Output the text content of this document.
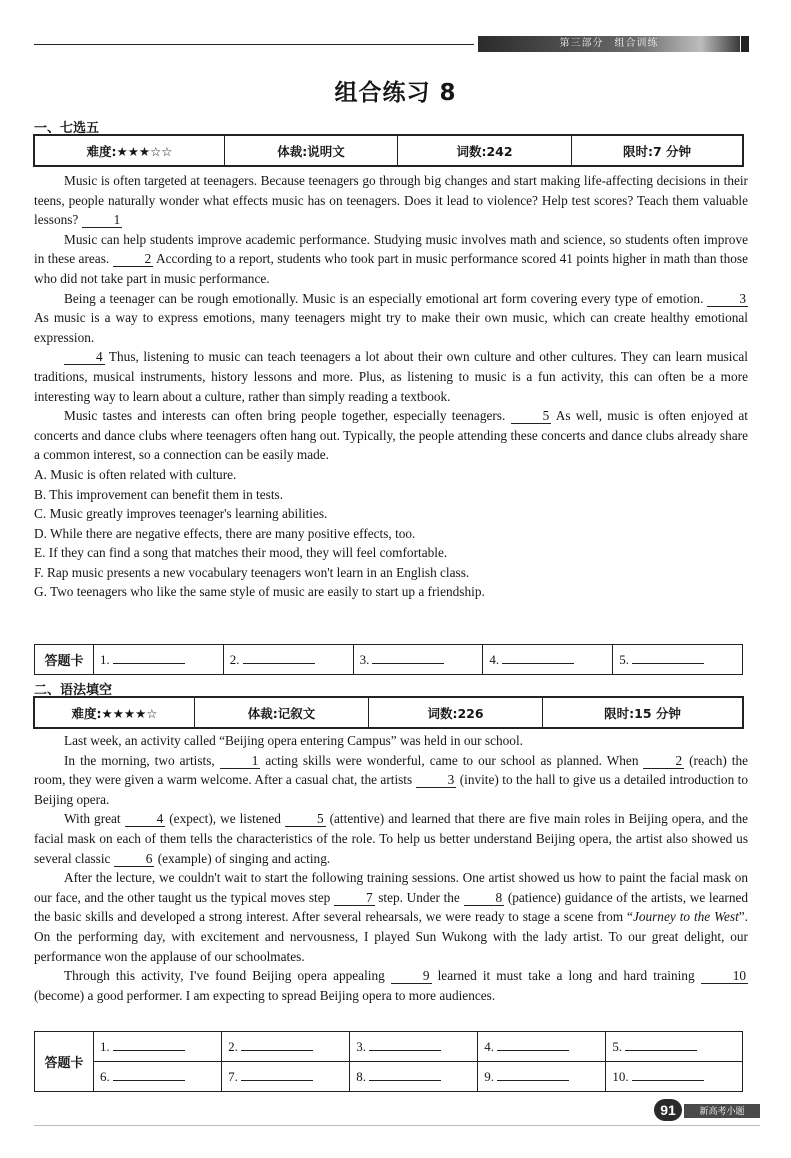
第三部分　组合训练
组合练习 8
一、七选五
难度:★★★☆☆	体裁:说明文	词数:242	限时:7 分钟

Music is often targeted at teenagers. Because teenagers go through big changes and start making life-affecting decisions in their teens, people naturally wonder what effects music has on teenagers. Does it lead to violence? Help test scores? Teach them valuable lessons? 1

Music can help students improve academic performance. Studying music involves math and science, so students often improve in these areas. 2 According to a report, students who took part in music performance scored 41 points higher in math than those who did not take part in music performance.

Being a teenager can be rough emotionally. Music is an especially emotional art form covering every type of emotion. 3 As music is a way to express emotions, many teenagers might try to make their own music, which can create healthy emotional expression.

4 Thus, listening to music can teach teenagers a lot about their own culture and other cultures. They can learn musical traditions, musical instruments, history lessons and more. Plus, as listening to music is a fun activity, this can often be a more interesting way to learn about a culture, rather than simply reading a textbook.

Music tastes and interests can often bring people together, especially teenagers. 5 As well, music is often enjoyed at concerts and dance clubs where teenagers often hang out. Typically, the people attending these concerts and dance clubs already share a common interest, so a connection can be easily made.

A. Music is often related with culture.

B. This improvement can benefit them in tests.

C. Music greatly improves teenager's learning abilities.

D. While there are negative effects, there are many positive effects, too.

E. If they can find a song that matches their mood, they will feel comfortable.

F. Rap music presents a new vocabulary teenagers won't learn in an English class.

G. Two teenagers who like the same style of music are easily to start up a friendship.

答题卡	1.	2.	3.	4.	5.
二、语法填空
难度:★★★★☆	体裁:记叙文	词数:226	限时:15 分钟

Last week, an activity called “Beijing opera entering Campus” was held in our school.

In the morning, two artists, 1 acting skills were wonderful, came to our school as planned. When 2 (reach) the room, they were given a warm welcome. After a casual chat, the artists 3 (invite) to the hall to give us a detailed introduction to Beijing opera.

With great 4 (expect), we listened 5 (attentive) and learned that there are five main roles in Beijing opera, and the facial mask on each of them tells the characteristics of the role. To help us better understand Beijing opera, the artist also showed us several classic 6 (example) of singing and acting.

After the lecture, we couldn't wait to start the following training sessions. One artist showed us how to paint the facial mask on our face, and the other taught us the typical moves step 7 step. Under the 8 (patience) guidance of the artists, we learned the basic skills and developed a strong interest. After several rehearsals, we were ready to stage a scene from “Journey to the West”. On the performing day, with excitement and nervousness, I played Sun Wukong with the lady artist. To our great delight, our performance won the applause of our schoolmates.

Through this activity, I've found Beijing opera appealing 9 learned it must take a long and hard training 10 (become) a good performer. I am expecting to spread Beijing opera to more audiences.

答题卡	1.	2.	3.	4.	5.
	6.	7.	8.	9.	10.
91	新高考小题
